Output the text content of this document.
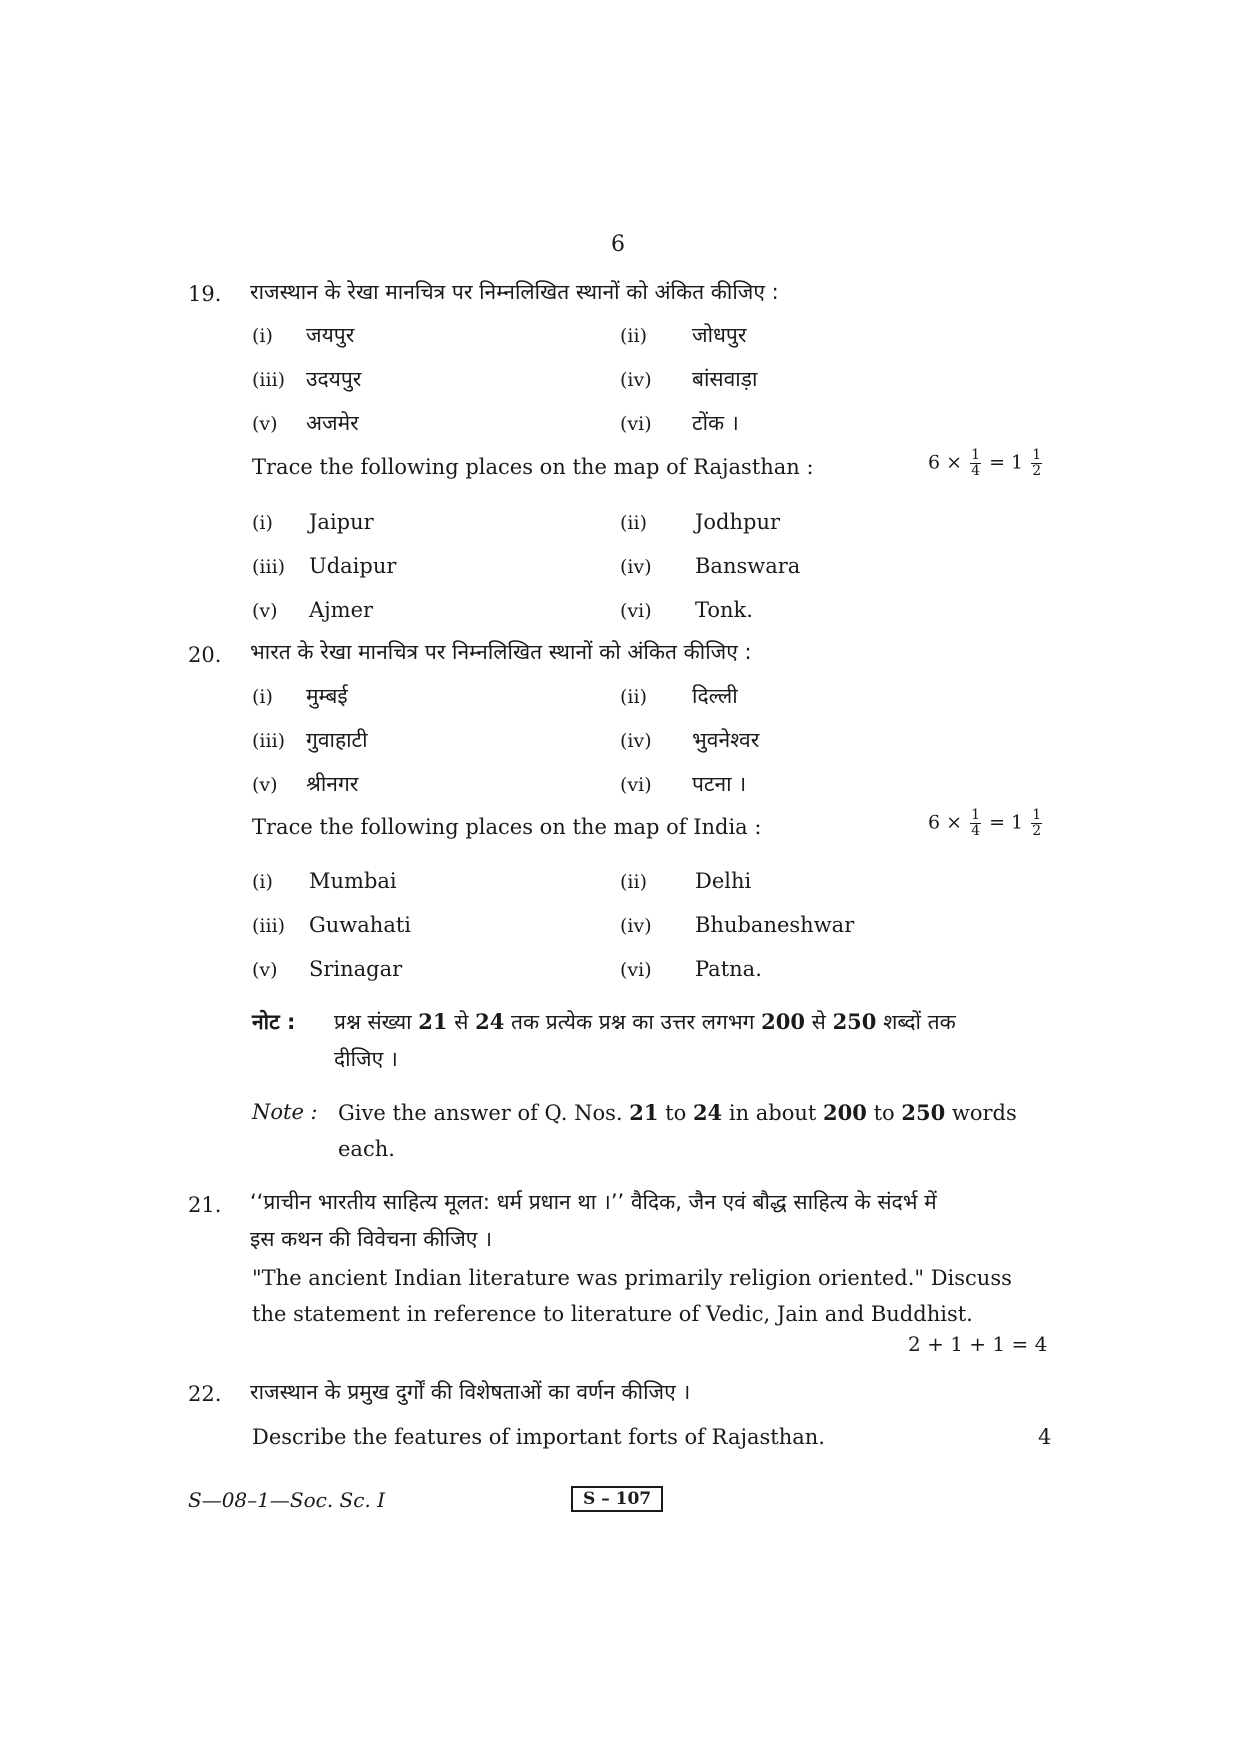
6
19. राजस्थान के रेखा मानचित्र पर निम्नलिखित स्थानों को अंकित कीजिए :
(i) जयपुर	(ii) जोधपुर
(iii) उदयपुर	(iv) बांसवाड़ा
(v) अजमेर	(vi) टोंक ।
Trace the following places on the map of Rajasthan :	$6 \times \frac{1}{4} = 1 \frac{1}{2}$
(i) Jaipur	(ii) Jodhpur
(iii) Udaipur	(iv) Banswara
(v) Ajmer	(vi) Tonk.
20. भारत के रेखा मानचित्र पर निम्नलिखित स्थानों को अंकित कीजिए :
(i) मुम्बई	(ii) दिल्ली
(iii) गुवाहाटी	(iv) भुवनेश्वर
(v) श्रीनगर	(vi) पटना ।
Trace the following places on the map of India :	$6 \times \frac{1}{4} = 1 \frac{1}{2}$
(i) Mumbai	(ii) Delhi
(iii) Guwahati	(iv) Bhubaneshwar
(v) Srinagar	(vi) Patna.
नोट : प्रश्न संख्या 21 से 24 तक प्रत्येक प्रश्न का उत्तर लगभग 200 से 250 शब्दों तक
दीजिए ।
Note : Give the answer of Q. Nos. 21 to 24 in about 200 to 250 words
each.
21. ‘‘प्राचीन भारतीय साहित्य मूलत: धर्म प्रधान था ।’’ वैदिक, जैन एवं बौद्ध साहित्य के संदर्भ में
इस कथन की विवेचना कीजिए ।
"The ancient Indian literature was primarily religion oriented." Discuss
the statement in reference to literature of Vedic, Jain and Buddhist.
2 + 1 + 1 = 4
22. राजस्थान के प्रमुख दुर्गों की विशेषताओं का वर्णन कीजिए ।
Describe the features of important forts of Rajasthan.	4
S—08–1—Soc. Sc. I	S – 107
